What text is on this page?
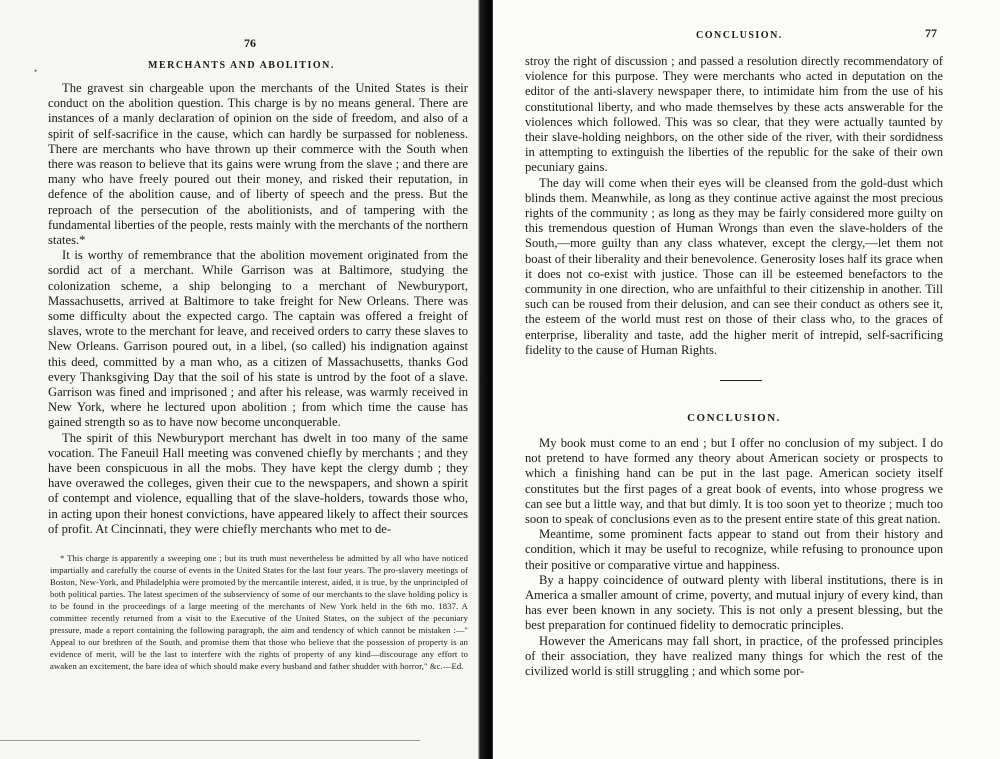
76
MERCHANTS AND ABOLITION.
•

The gravest sin chargeable upon the merchants of the United States is their conduct on the abolition question. This charge is by no means general. There are instances of a manly declaration of opinion on the side of freedom, and also of a spirit of self-sacrifice in the cause, which can hardly be surpassed for nobleness. There are merchants who have thrown up their commerce with the South when there was reason to believe that its gains were wrung from the slave ; and there are many who have freely poured out their money, and risked their reputation, in defence of the abolition cause, and of liberty of speech and the press. But the reproach of the persecution of the abolitionists, and of tampering with the fundamental liberties of the people, rests mainly with the merchants of the northern states.*

It is worthy of remembrance that the abolition movement originated from the sordid act of a merchant. While Garrison was at Baltimore, studying the colonization scheme, a ship belonging to a merchant of Newburyport, Massachusetts, arrived at Baltimore to take freight for New Orleans. There was some difficulty about the expected cargo. The captain was offered a freight of slaves, wrote to the merchant for leave, and received orders to carry these slaves to New Orleans. Garrison poured out, in a libel, (so called) his indignation against this deed, committed by a man who, as a citizen of Massachusetts, thanks God every Thanksgiving Day that the soil of his state is untrod by the foot of a slave. Garrison was fined and imprisoned ; and after his release, was warmly received in New York, where he lectured upon abolition ; from which time the cause has gained strength so as to have now become unconquerable.

The spirit of this Newburyport merchant has dwelt in too many of the same vocation. The Faneuil Hall meeting was convened chiefly by merchants ; and they have been conspicuous in all the mobs. They have kept the clergy dumb ; they have overawed the colleges, given their cue to the newspapers, and shown a spirit of contempt and violence, equalling that of the slave-holders, towards those who, in acting upon their honest convictions, have appeared likely to affect their sources of profit. At Cincinnati, they were chiefly merchants who met to de-

* This charge is apparently a sweeping one ; but its truth must nevertheless be admitted by all who have noticed impartially and carefully the course of events in the United States for the last four years. The pro-slavery meetings of Boston, New-York, and Philadelphia were promoted by the mercantile interest, aided, it is true, by the unprincipled of both political parties. The latest specimen of the subserviency of some of our merchants to the slave holding policy is to be found in the proceedings of a large meeting of the merchants of New York held in the 6th mo. 1837. A committee recently returned from a visit to the Executive of the United States, on the subject of the pecuniary pressure, made a report containing the following paragraph, the aim and tendency of which cannot be mistaken :—" Appeal to our brethren of the South, and promise them that those who believe that the possession of property is an evidence of merit, will be the last to interfere with the rights of property of any kind—discourage any effort to awaken an excitement, the bare idea of which should make every husband and father shudder with horror," &c.—Ed.

CONCLUSION.	77

stroy the right of discussion ; and passed a resolution directly recommendatory of violence for this purpose. They were merchants who acted in deputation on the editor of the anti-slavery newspaper there, to intimidate him from the use of his constitutional liberty, and who made themselves by these acts answerable for the violences which followed. This was so clear, that they were actually taunted by their slave-holding neighbors, on the other side of the river, with their sordidness in attempting to extinguish the liberties of the republic for the sake of their own pecuniary gains.

The day will come when their eyes will be cleansed from the gold-dust which blinds them. Meanwhile, as long as they continue active against the most precious rights of the community ; as long as they may be fairly considered more guilty on this tremendous question of Human Wrongs than even the slave-holders of the South,—more guilty than any class whatever, except the clergy,—let them not boast of their liberality and their benevolence. Generosity loses half its grace when it does not co-exist with justice. Those can ill be esteemed benefactors to the community in one direction, who are unfaithful to their citizenship in another. Till such can be roused from their delusion, and can see their conduct as others see it, the esteem of the world must rest on those of their class who, to the graces of enterprise, liberality and taste, add the higher merit of intrepid, self-sacrificing fidelity to the cause of Human Rights.

CONCLUSION.

My book must come to an end ; but I offer no conclusion of my subject. I do not pretend to have formed any theory about American society or prospects to which a finishing hand can be put in the last page. American society itself constitutes but the first pages of a great book of events, into whose progress we can see but a little way, and that but dimly. It is too soon yet to theorize ; much too soon to speak of conclusions even as to the present entire state of this great nation.

Meantime, some prominent facts appear to stand out from their history and condition, which it may be useful to recognize, while refusing to pronounce upon their positive or comparative virtue and happiness.

By a happy coincidence of outward plenty with liberal institutions, there is in America a smaller amount of crime, poverty, and mutual injury of every kind, than has ever been known in any society. This is not only a present blessing, but the best preparation for continued fidelity to democratic principles.

However the Americans may fall short, in practice, of the professed principles of their association, they have realized many things for which the rest of the civilized world is still struggling ; and which some por-
